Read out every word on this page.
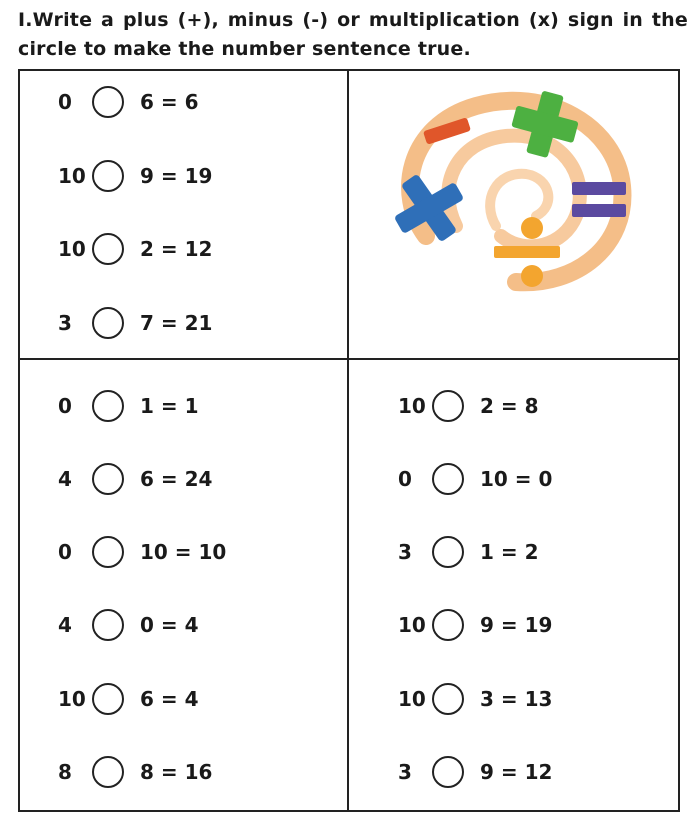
I.Write a plus (+), minus (-) or multiplication (x) sign in the circle to make the number sentence true.
0	6 = 6
10	9 = 19
10	2 = 12
3	7 = 21
0	1 = 1
4	6 = 24
0	10 = 10
4	0 = 4
10	6 = 4
8	8 = 16
10	2 = 8
0	10 = 0
3	1 = 2
10	9 = 19
10	3 = 13
3	9 = 12
